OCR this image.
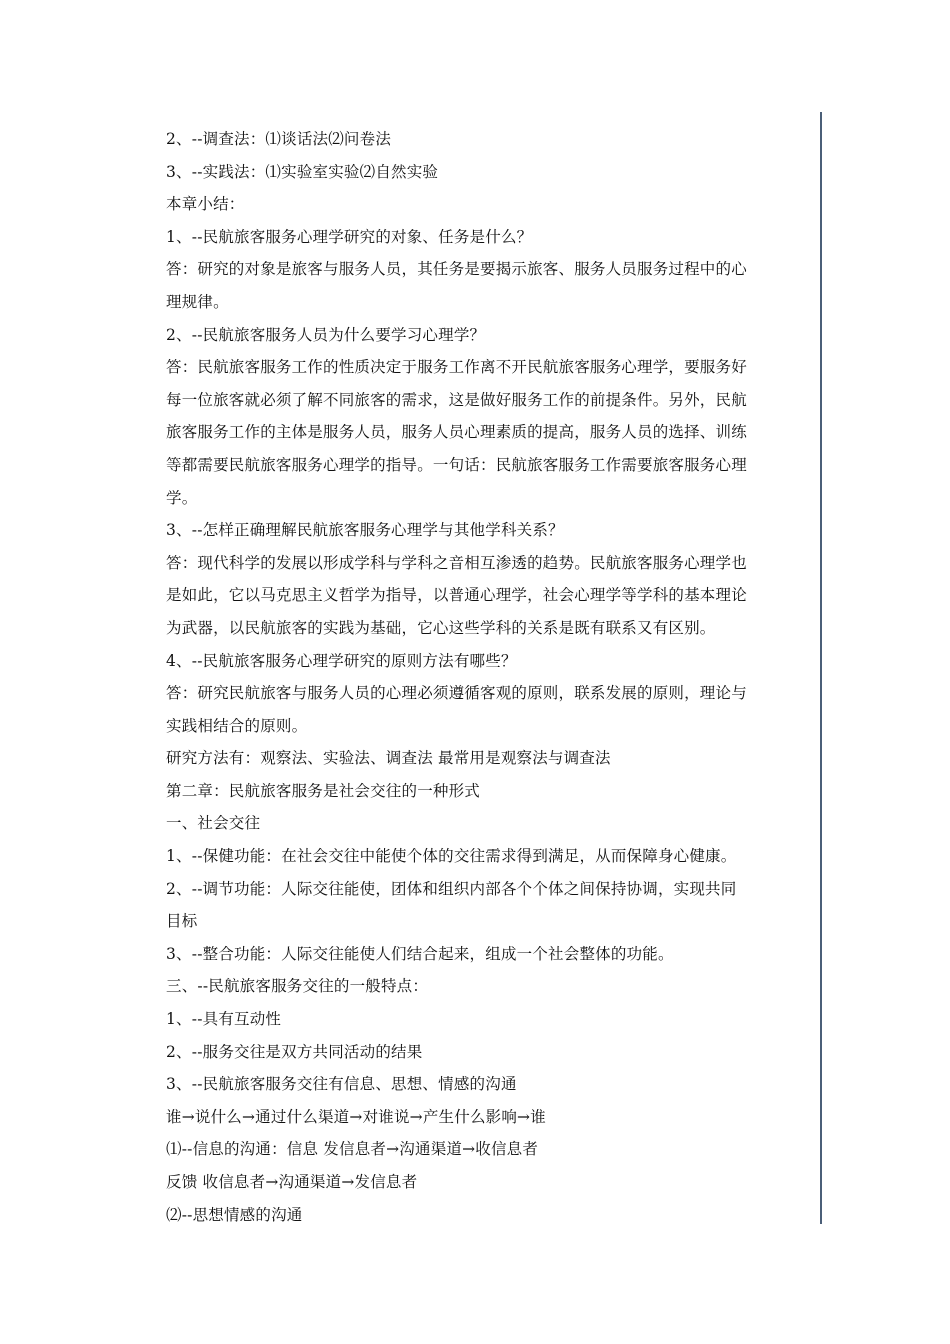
2、--调查法：⑴谈话法⑵问卷法
3、--实践法：⑴实验室实验⑵自然实验
本章小结：
1、--民航旅客服务心理学研究的对象、任务是什么？
答：研究的对象是旅客与服务人员，其任务是要揭示旅客、服务人员服务过程中的心
理规律。
2、--民航旅客服务人员为什么要学习心理学？
答：民航旅客服务工作的性质决定于服务工作离不开民航旅客服务心理学，要服务好
每一位旅客就必须了解不同旅客的需求，这是做好服务工作的前提条件。另外，民航
旅客服务工作的主体是服务人员，服务人员心理素质的提高，服务人员的选择、训练
等都需要民航旅客服务心理学的指导。一句话：民航旅客服务工作需要旅客服务心理
学。
3、--怎样正确理解民航旅客服务心理学与其他学科关系？
答：现代科学的发展以形成学科与学科之音相互渗透的趋势。民航旅客服务心理学也
是如此，它以马克思主义哲学为指导，以普通心理学，社会心理学等学科的基本理论
为武器，以民航旅客的实践为基础，它心这些学科的关系是既有联系又有区别。
4、--民航旅客服务心理学研究的原则方法有哪些？
答：研究民航旅客与服务人员的心理必须遵循客观的原则，联系发展的原则，理论与
实践相结合的原则。
研究方法有：观察法、实验法、调查法 最常用是观察法与调查法
第二章：民航旅客服务是社会交往的一种形式
一、社会交往
1、--保健功能：在社会交往中能使个体的交往需求得到满足，从而保障身心健康。
2、--调节功能：人际交往能使，团体和组织内部各个个体之间保持协调，实现共同
目标
3、--整合功能：人际交往能使人们结合起来，组成一个社会整体的功能。
三、--民航旅客服务交往的一般特点：
1、--具有互动性
2、--服务交往是双方共同活动的结果
3、--民航旅客服务交往有信息、思想、情感的沟通
谁→说什么→通过什么渠道→对谁说→产生什么影响→谁
⑴--信息的沟通：信息 发信息者→沟通渠道→收信息者
反馈 收信息者→沟通渠道→发信息者
⑵--思想情感的沟通
